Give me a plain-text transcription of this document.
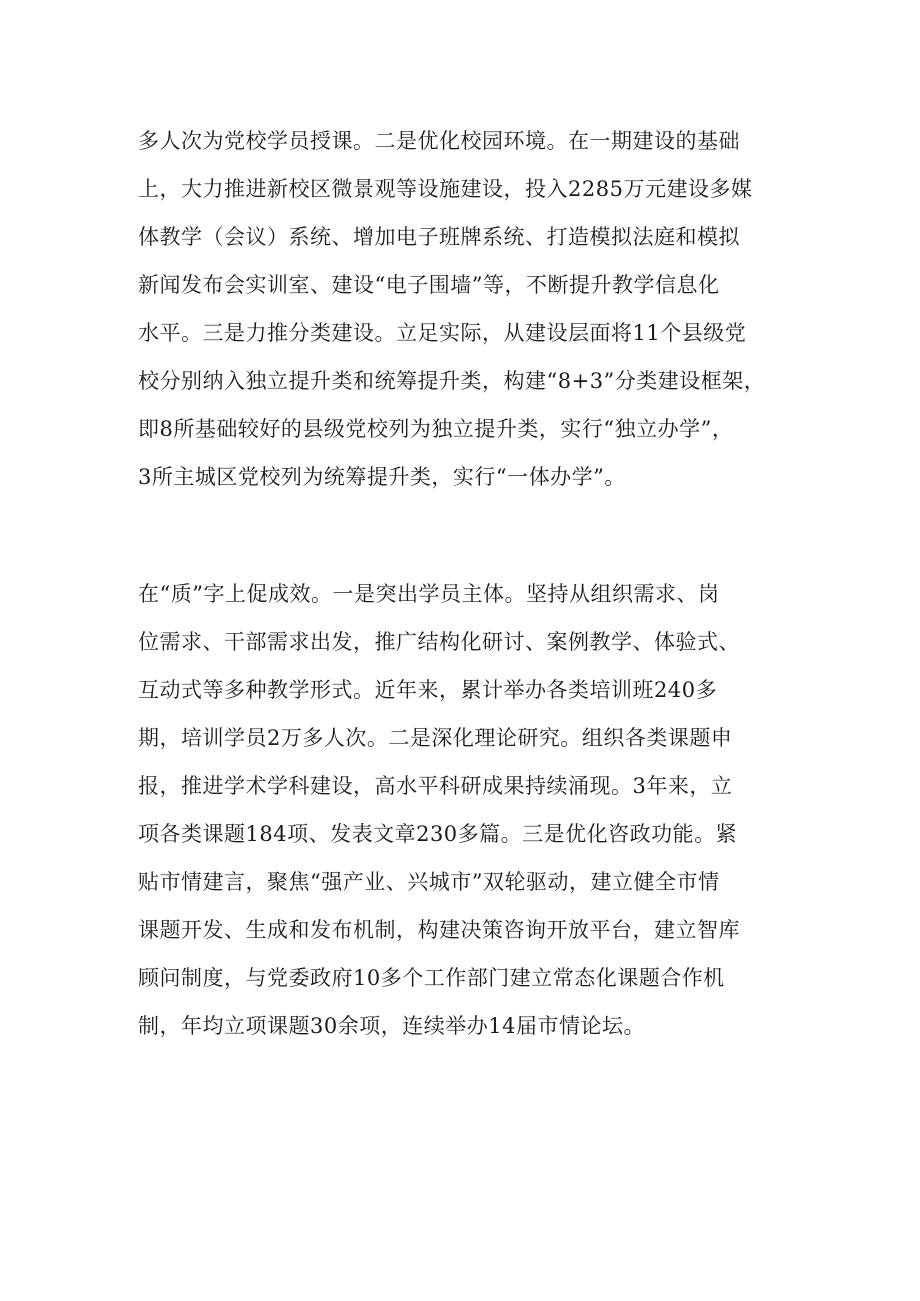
多人次为党校学员授课。二是优化校园环境。在一期建设的基础
上，大力推进新校区微景观等设施建设，投入2285万元建设多媒
体教学（会议）系统、增加电子班牌系统、打造模拟法庭和模拟
新闻发布会实训室、建设“电子围墙”等，不断提升教学信息化
水平。三是力推分类建设。立足实际，从建设层面将11个县级党
校分别纳入独立提升类和统筹提升类，构建“8+3”分类建设框架，
即8所基础较好的县级党校列为独立提升类，实行“独立办学”，
3所主城区党校列为统筹提升类，实行“一体办学”。
在“质”字上促成效。一是突出学员主体。坚持从组织需求、岗
位需求、干部需求出发，推广结构化研讨、案例教学、体验式、
互动式等多种教学形式。近年来，累计举办各类培训班240多
期，培训学员2万多人次。二是深化理论研究。组织各类课题申
报，推进学术学科建设，高水平科研成果持续涌现。3年来，立
项各类课题184项、发表文章230多篇。三是优化咨政功能。紧
贴市情建言，聚焦“强产业、兴城市”双轮驱动，建立健全市情
课题开发、生成和发布机制，构建决策咨询开放平台，建立智库
顾问制度，与党委政府10多个工作部门建立常态化课题合作机
制，年均立项课题30余项，连续举办14届市情论坛。
